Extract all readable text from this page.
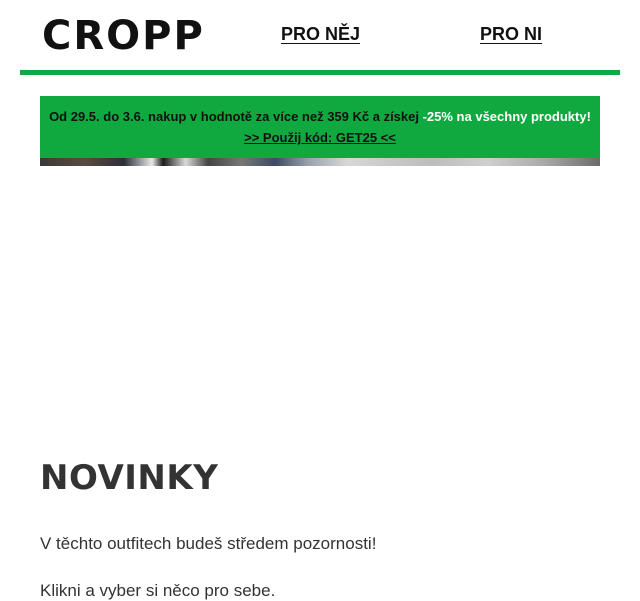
CROPP	PRO NĚJ	PRO NI
Od 29.5. do 3.6. nakup v hodnotě za více než 359 Kč a získej -25% na všechny produkty!
>> Použij kód: GET25 <<
NOVINKY

V těchto outfitech budeš středem pozornosti!

Klikni a vyber si něco pro sebe.
